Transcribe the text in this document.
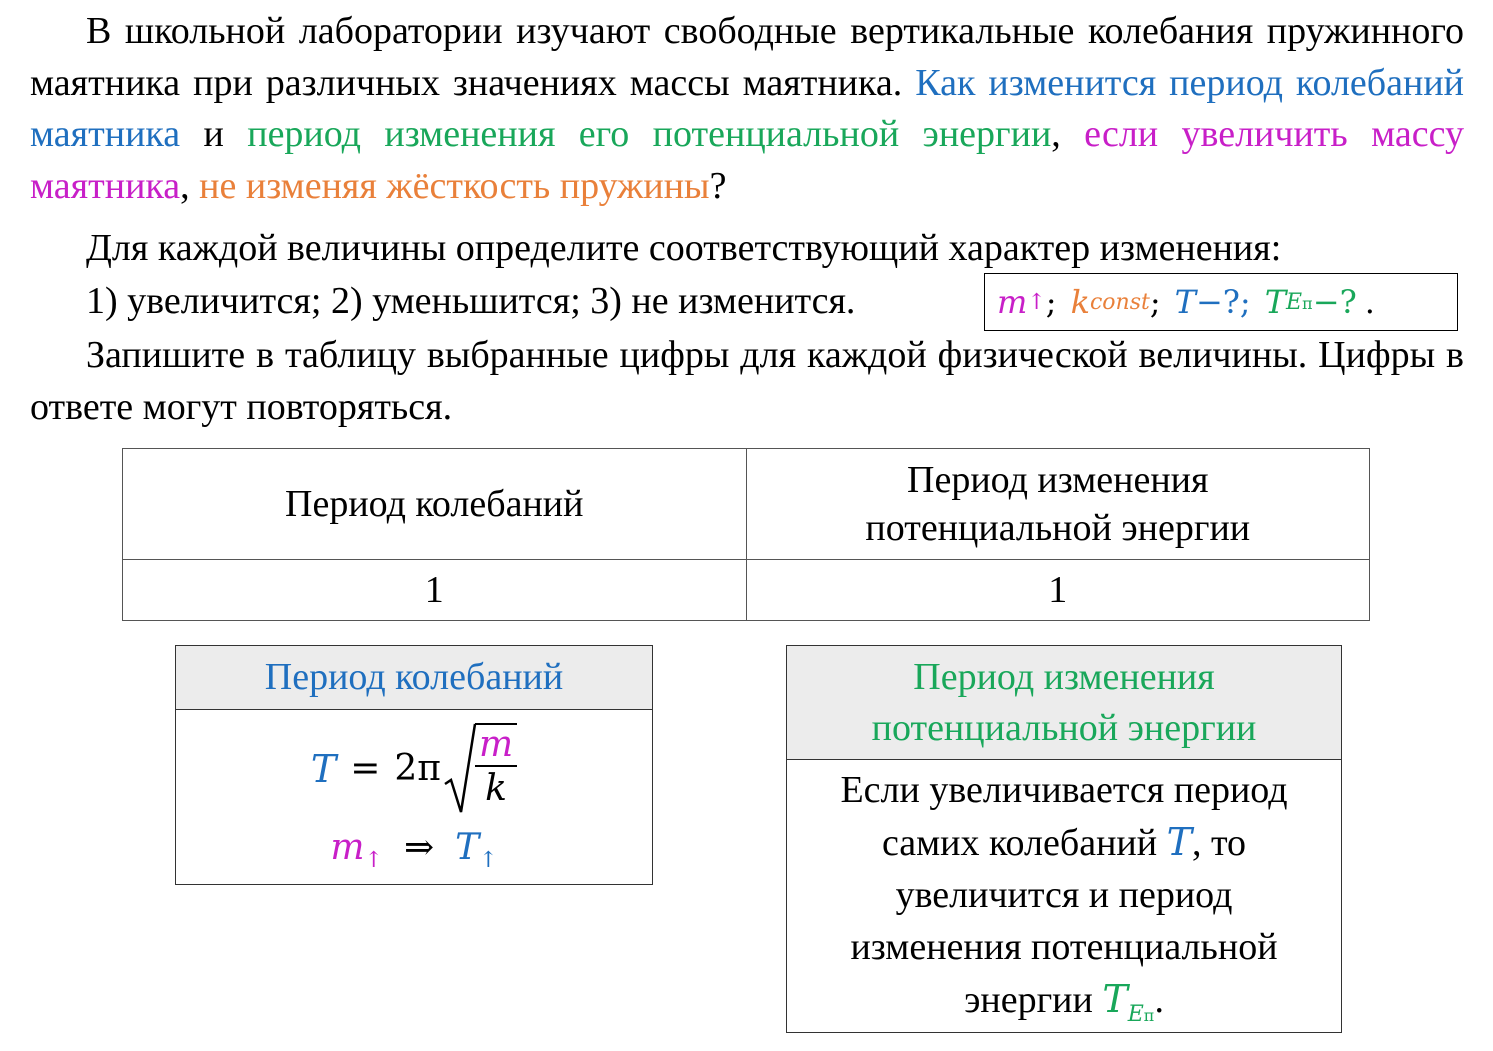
В школьной лаборатории изучают свободные вертикальные колебания пружинного маятника при различных значениях массы маятника. Как изменится период колебаний маятника и период изменения его потенциальной энергии, если увеличить массу маятника, не изменяя жёсткость пружины?

Для каждой величины определите соответствующий характер изменения:

1) увеличится; 2) уменьшится; 3) не изменится.	m ↑ ; k const ; T −? ; T Eп −? .

Запишите в таблицу выбранные цифры для каждой физической величины. Цифры в ответе могут повторяться.

Период колебаний	Период изменения
потенциальной энергии

1	1
Период колебаний
$T = 2\pi \frac{m}{k}$
$m_↑$ ⇒ $T_↑$
Период изменения
потенциальной энергии
Если увеличивается период
самих колебаний T, то
увеличится и период
изменения потенциальной
энергии $T_{Eп}$.
